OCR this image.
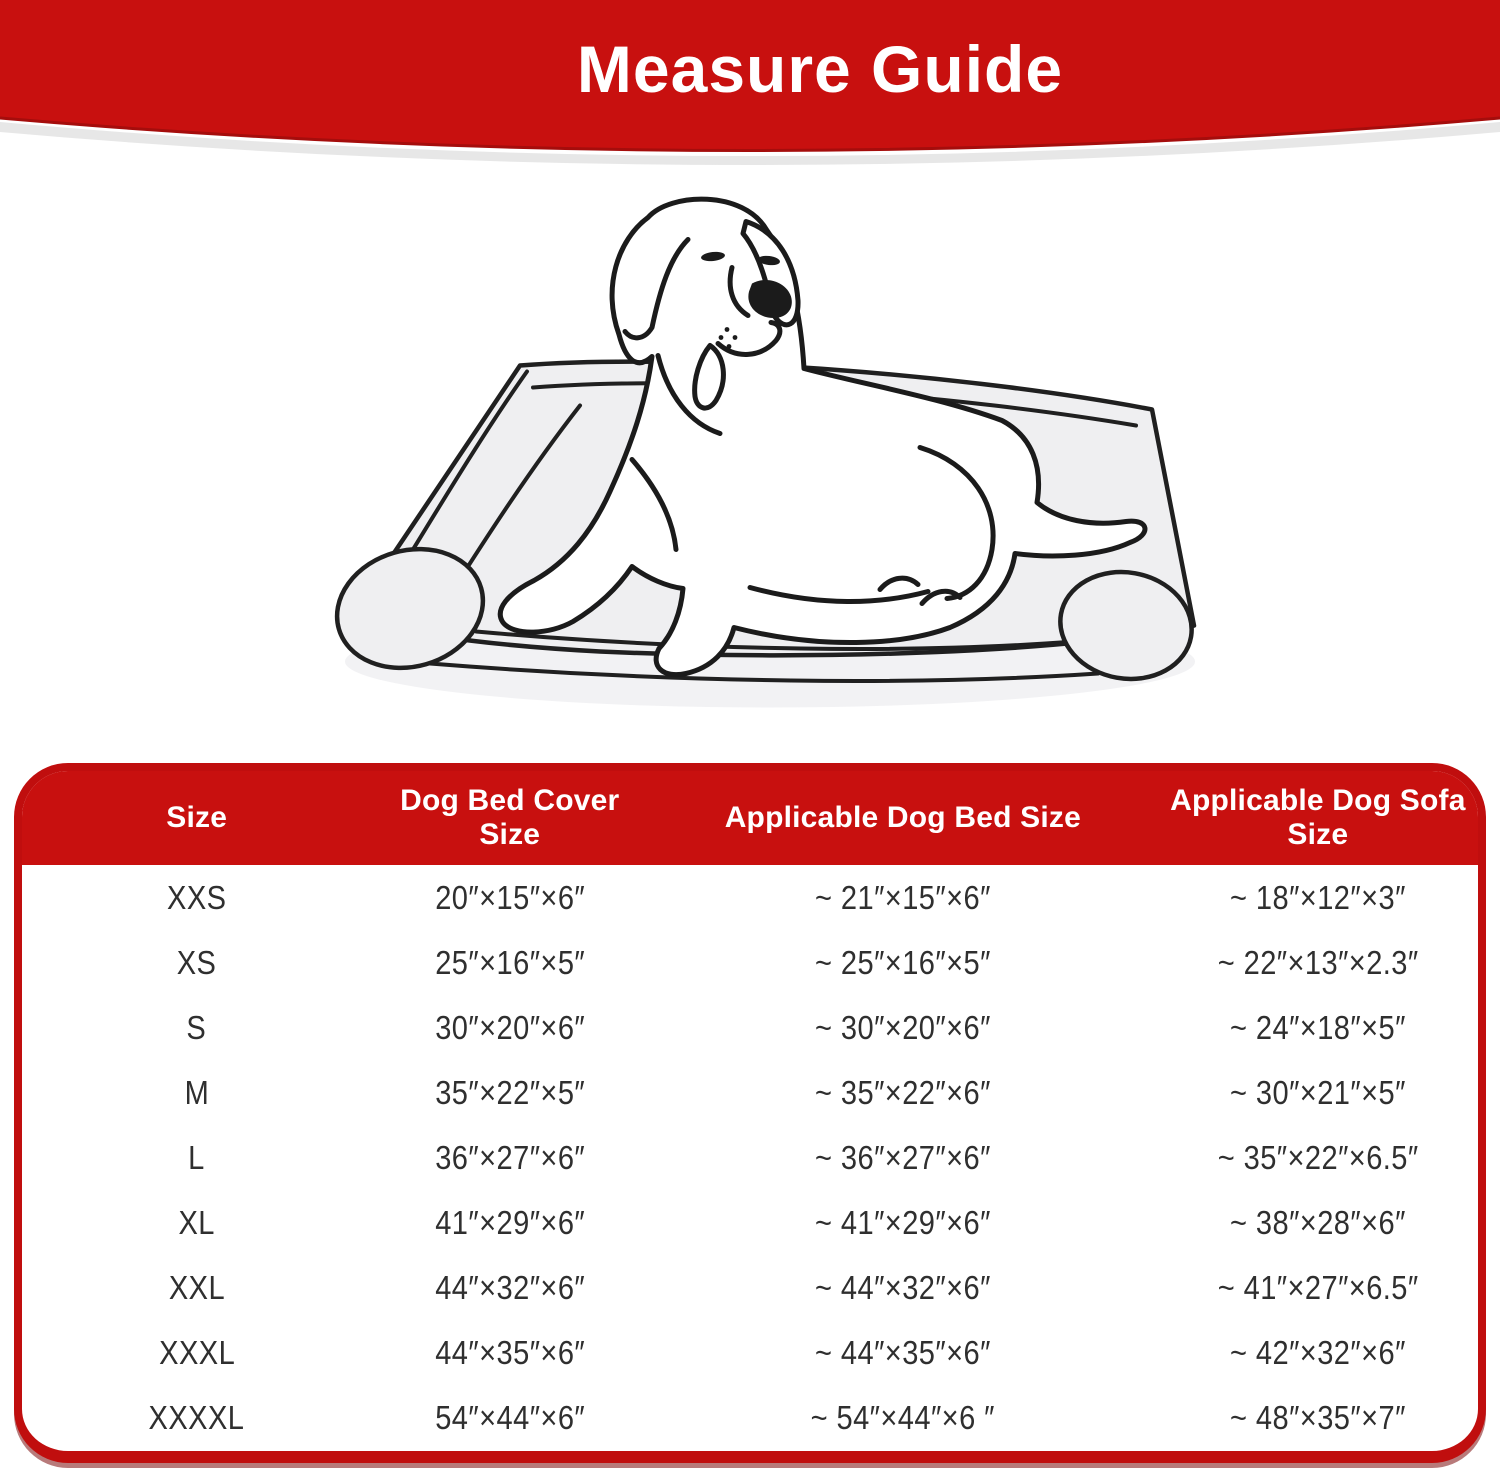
Measure Guide
Size	Dog Bed Cover Size	Applicable Dog Bed Size	Applicable Dog Sofa Size
XXS	20″×15″×6″	~ 21″×15″×6″	~ 18″×12″×3″
XS	25″×16″×5″	~ 25″×16″×5″	~ 22″×13″×2.3″
S	30″×20″×6″	~ 30″×20″×6″	~ 24″×18″×5″
M	35″×22″×5″	~ 35″×22″×6″	~ 30″×21″×5″
L	36″×27″×6″	~ 36″×27″×6″	~ 35″×22″×6.5″
XL	41″×29″×6″	~ 41″×29″×6″	~ 38″×28″×6″
XXL	44″×32″×6″	~ 44″×32″×6″	~ 41″×27″×6.5″
XXXL	44″×35″×6″	~ 44″×35″×6″	~ 42″×32″×6″
XXXXL	54″×44″×6″	~ 54″×44″×6 ″	~ 48″×35″×7″
